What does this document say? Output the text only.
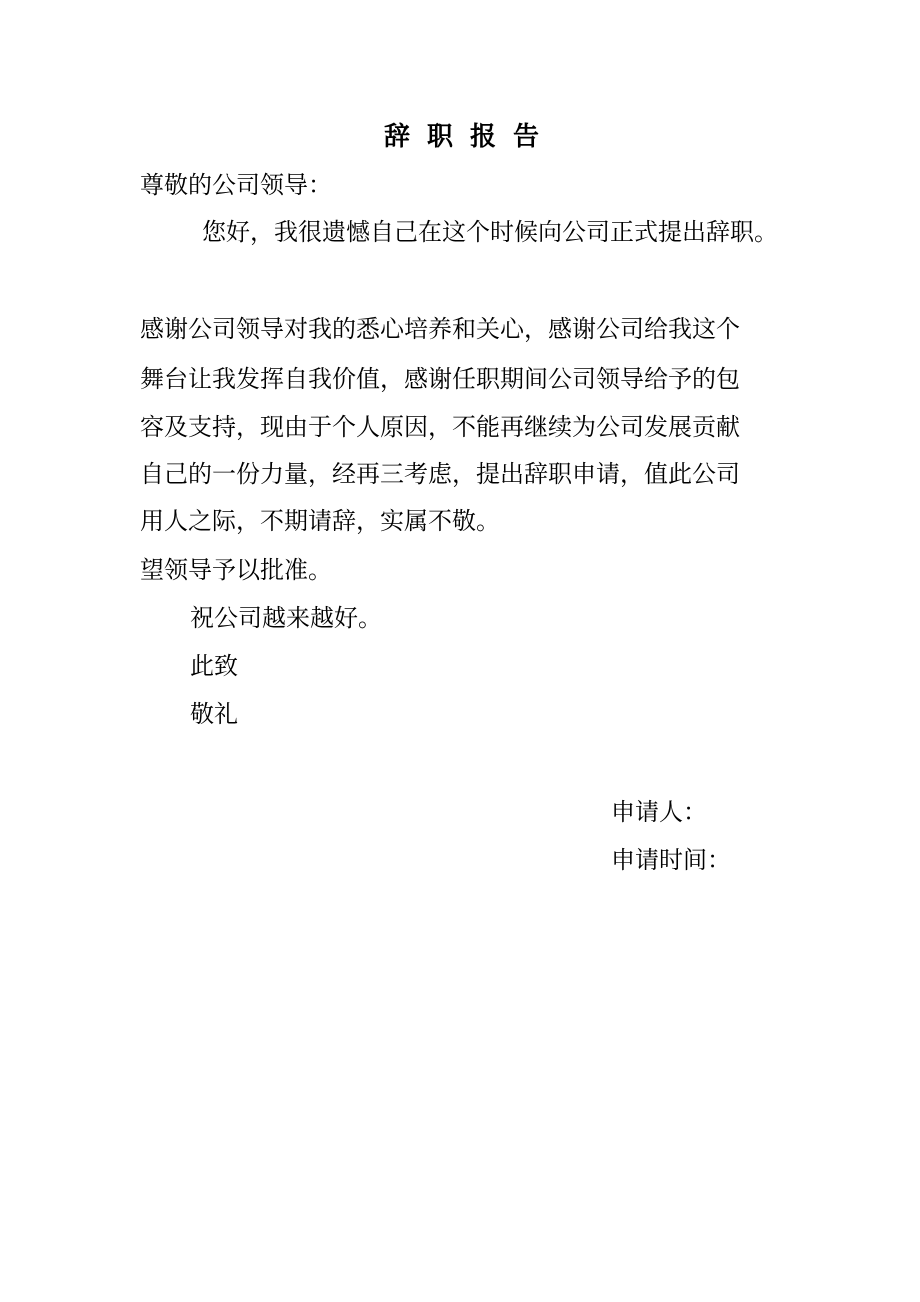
辞职报告
尊敬的公司领导：
您好，我很遗憾自己在这个时候向公司正式提出辞职。
感谢公司领导对我的悉心培养和关心，感谢公司给我这个
舞台让我发挥自我价值，感谢任职期间公司领导给予的包
容及支持，现由于个人原因，不能再继续为公司发展贡献
自己的一份力量，经再三考虑，提出辞职申请，值此公司
用人之际，不期请辞，实属不敬。
望领导予以批准。
祝公司越来越好。
此致
敬礼
申请人：
申请时间：
